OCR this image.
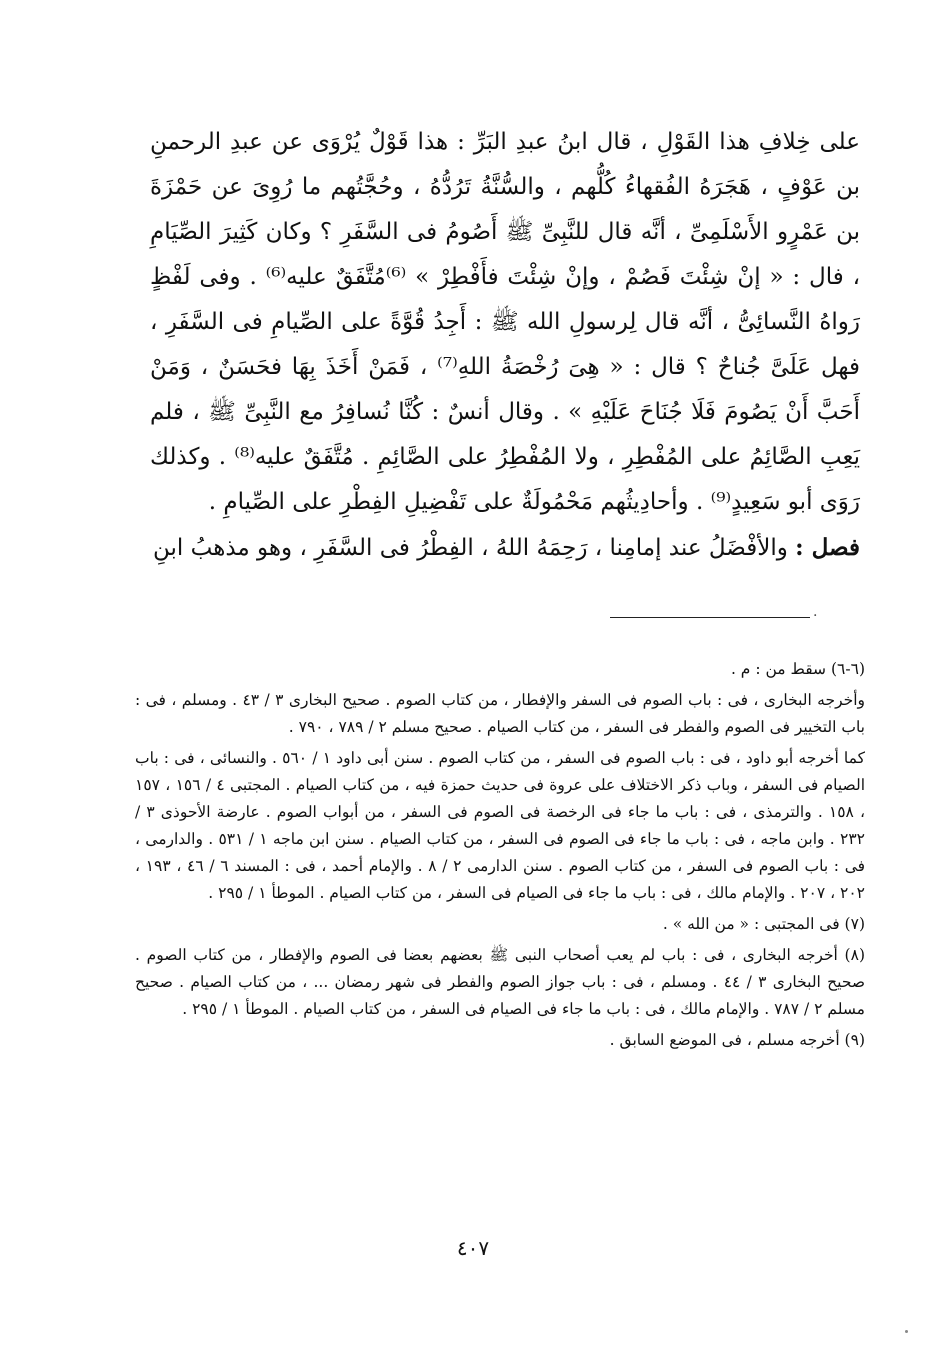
على خِلافِ هذا القَوْلِ ، قال ابنُ عبدِ البَرِّ : هذا قَوْلٌ يُرْوَى عن عبدِ الرحمنِ بن عَوْفٍ ، هَجَرَهُ الفُقهاءُ كُلُّهم ، والسُّنَّةُ تَرُدُّهُ ، وحُجَّتُهم ما رُوِىَ عن حَمْزَةَ بن عَمْرٍو الأَسْلَمِىِّ ، أنَّه قال للنَّبِىِّ ﷺ أَصُومُ فى السَّفَرِ ؟ وكان كَثِيرَ الصِّيَامِ ، فال : « إنْ شِئْتَ فَصُمْ ، وإنْ شِئْتَ فأَفْطِرْ » ⁽⁶⁾مُتَّفَقٌ عليه⁽⁶⁾ . وفى لَفْظٍ رَواهُ النَّسائِىُّ ، أنَّه قال لِرسولِ الله ﷺ : أَجِدُ قُوَّةً على الصِّيامِ فى السَّفَرِ ، فهل عَلَىَّ جُناحٌ ؟ قال : « هِىَ رُخْصَةُ اللهِ⁽⁷⁾ ، فَمَنْ أَخَذَ بِهَا فحَسَنٌ ، وَمَنْ أَحَبَّ أَنْ يَصُومَ فَلَا جُنَاحَ عَلَيْهِ » . وقال أنسٌ : كُنَّا نُسافِرُ مع النَّبِىِّ ﷺ ، فلم يَعِبِ الصَّائِمُ على المُفْطِرِ ، ولا المُفْطِرُ على الصَّائِمِ . مُتَّفَقٌ عليه⁽⁸⁾ . وكذلك رَوَى أبو سَعِيدٍ⁽⁹⁾ . وأحادِيثُهم مَحْمُولَةٌ على تَفْضِيلِ الفِطْرِ على الصِّيامِ .

فصل : والأفْضَلُ عند إمامِنا ، رَحِمَهُ اللهُ ، الفِطْرُ فى السَّفَرِ ، وهو مذهبُ ابنِ

.
(٦-٦) سقط من : م .
وأخرجه البخارى ، فى : باب الصوم فى السفر والإفطار ، من كتاب الصوم . صحيح البخارى ٣ / ٤٣ . ومسلم ، فى : باب التخيير فى الصوم والفطر فى السفر ، من كتاب الصيام . صحيح مسلم ٢ / ٧٨٩ ، ٧٩٠ .
كما أخرجه أبو داود ، فى : باب الصوم فى السفر ، من كتاب الصوم . سنن أبى داود ١ / ٥٦٠ . والنسائى ، فى : باب الصيام فى السفر ، وباب ذكر الاختلاف على عروة فى حديث حمزة فيه ، من كتاب الصيام . المجتبى ٤ / ١٥٦ ، ١٥٧ ، ١٥٨ . والترمذى ، فى : باب ما جاء فى الرخصة فى الصوم فى السفر ، من أبواب الصوم . عارضة الأحوذى ٣ / ٢٣٢ . وابن ماجه ، فى : باب ما جاء فى الصوم فى السفر ، من كتاب الصيام . سنن ابن ماجه ١ / ٥٣١ . والدارمى ، فى : باب الصوم فى السفر ، من كتاب الصوم . سنن الدارمى ٢ / ٨ . والإمام أحمد ، فى : المسند ٦ / ٤٦ ، ١٩٣ ، ٢٠٢ ، ٢٠٧ . والإمام مالك ، فى : باب ما جاء فى الصيام فى السفر ، من كتاب الصيام . الموطأ ١ / ٢٩٥ .
(٧) فى المجتبى : « من الله » .
(٨) أخرجه البخارى ، فى : باب لم يعب أصحاب النبى ﷺ بعضهم بعضا فى الصوم والإفطار ، من كتاب الصوم . صحيح البخارى ٣ / ٤٤ . ومسلم ، فى : باب جواز الصوم والفطر فى شهر رمضان ... ، من كتاب الصيام . صحيح مسلم ٢ / ٧٨٧ . والإمام مالك ، فى : باب ما جاء فى الصيام فى السفر ، من كتاب الصيام . الموطأ ١ / ٢٩٥ .
(٩) أخرجه مسلم ، فى الموضع السابق .
٤٠٧
